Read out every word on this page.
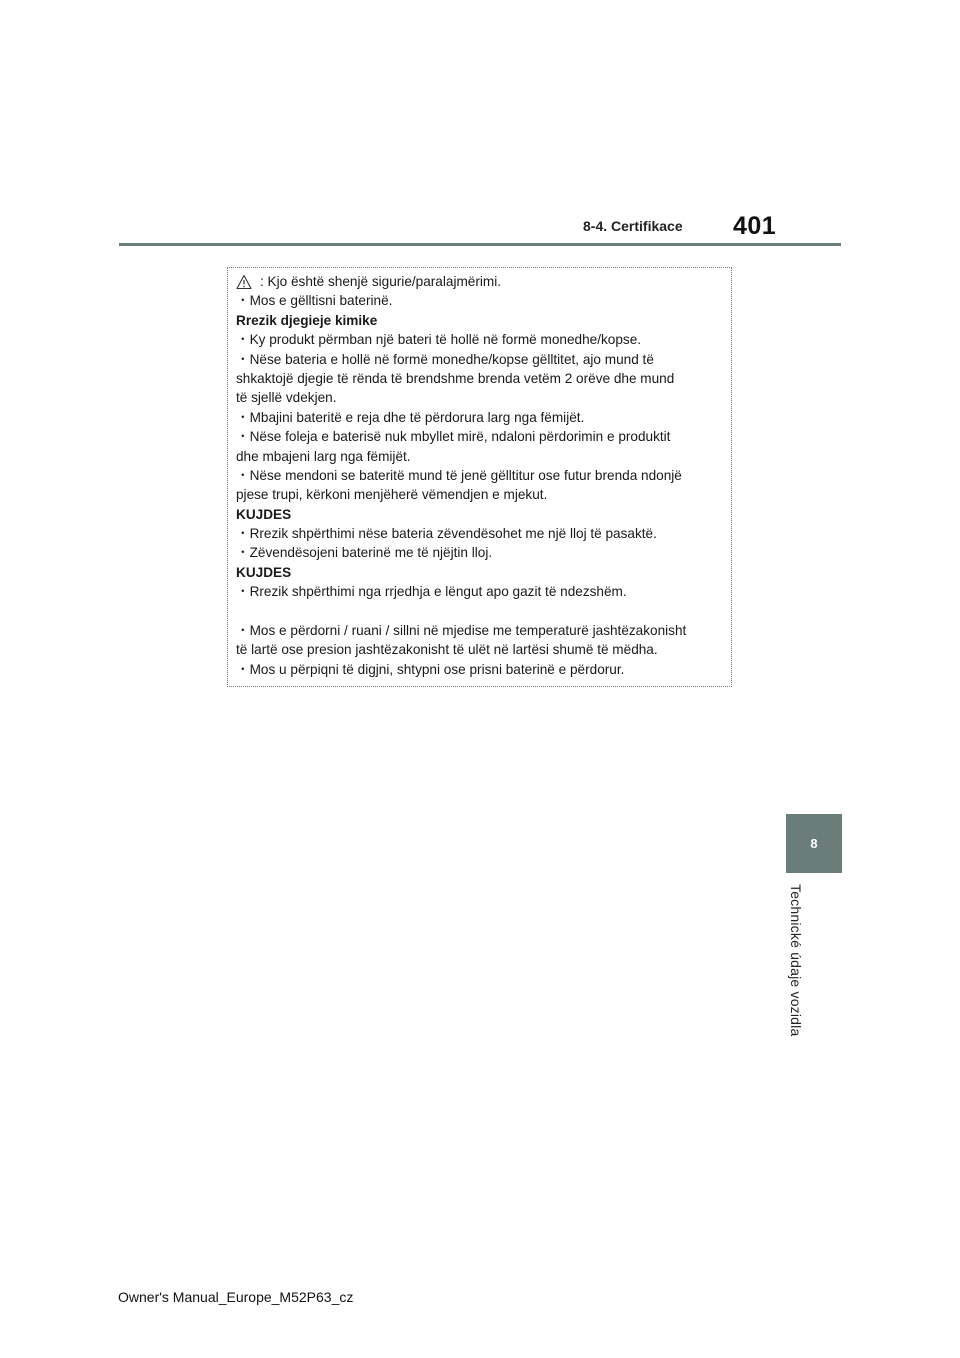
8-4. Certifikace 401
: Kjo është shenjë sigurie/paralajmërimi.
・Mos e gëlltisni baterinë.
Rrezik djegieje kimike
・Ky produkt përmban një bateri të hollë në formë monedhe/kopse.
・Nëse bateria e hollë në formë monedhe/kopse gëlltitet, ajo mund të
shkaktojë djegie të rënda të brendshme brenda vetëm 2 orëve dhe mund
të sjellë vdekjen.
・Mbajini bateritë e reja dhe të përdorura larg nga fëmijët.
・Nëse foleja e baterisë nuk mbyllet mirë, ndaloni përdorimin e produktit
dhe mbajeni larg nga fëmijët.
・Nëse mendoni se bateritë mund të jenë gëlltitur ose futur brenda ndonjë
pjese trupi, kërkoni menjëherë vëmendjen e mjekut.
KUJDES
・Rrezik shpërthimi nëse bateria zëvendësohet me një lloj të pasaktë.
・Zëvendësojeni baterinë me të njëjtin lloj.
KUJDES
・Rrezik shpërthimi nga rrjedhja e lëngut apo gazit të ndezshëm.
・Mos e përdorni / ruani / sillni në mjedise me temperaturë jashtëzakonisht
të lartë ose presion jashtëzakonisht të ulët në lartësi shumë të mëdha.
・Mos u përpiqni të digjni, shtypni ose prisni baterinë e përdorur.
8
Technické údaje vozidla
Owner's Manual_Europe_M52P63_cz
